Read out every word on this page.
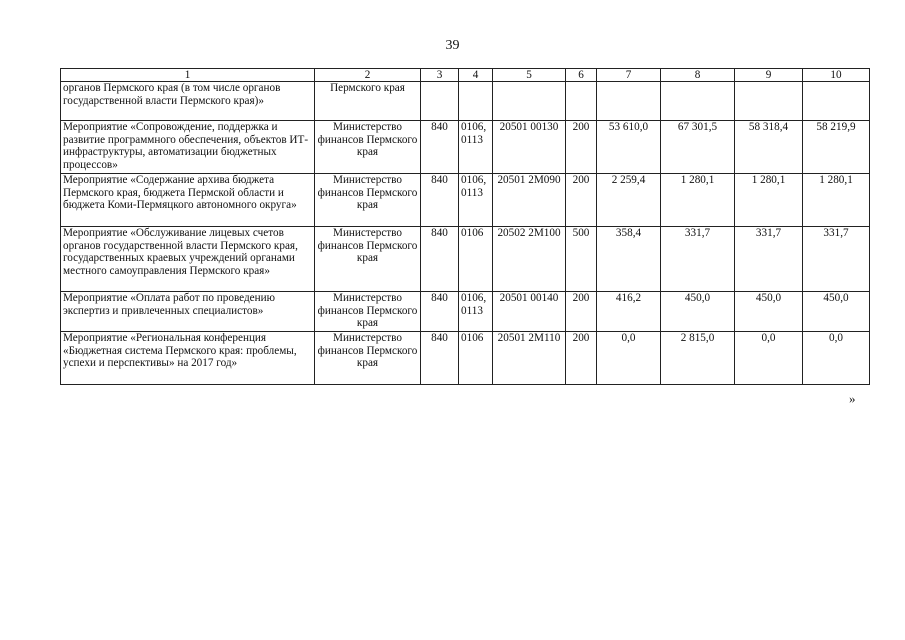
39
1	2	3	4	5	6	7	8	9	10
органов Пермского края (в том числе органов государственной власти Пермского края)»	Пермского края								
Мероприятие «Сопровождение, поддержка и развитие программного обеспечения, объектов ИТ-инфраструктуры, автоматизации бюджетных процессов»	Министерство финансов Пермского края	840	0106, 0113	20501 00130	200	53 610,0	67 301,5	58 318,4	58 219,9
Мероприятие «Содержание архива бюджета Пермского края, бюджета Пермской области и бюджета Коми-Пермяцкого автономного округа»	Министерство финансов Пермского края	840	0106, 0113	20501 2М090	200	2 259,4	1 280,1	1 280,1	1 280,1
Мероприятие «Обслуживание лицевых счетов органов государственной власти Пермского края, государственных краевых учреждений органами местного самоуправления Пермского края»	Министерство финансов Пермского края	840	0106	20502 2М100	500	358,4	331,7	331,7	331,7
Мероприятие «Оплата работ по проведению экспертиз и привлеченных специалистов»	Министерство финансов Пермского края	840	0106, 0113	20501 00140	200	416,2	450,0	450,0	450,0
Мероприятие «Региональная конференция «Бюджетная система Пермского края: проблемы, успехи и перспективы» на 2017 год»	Министерство финансов Пермского края	840	0106	20501 2М110	200	0,0	2 815,0	0,0	0,0
»
